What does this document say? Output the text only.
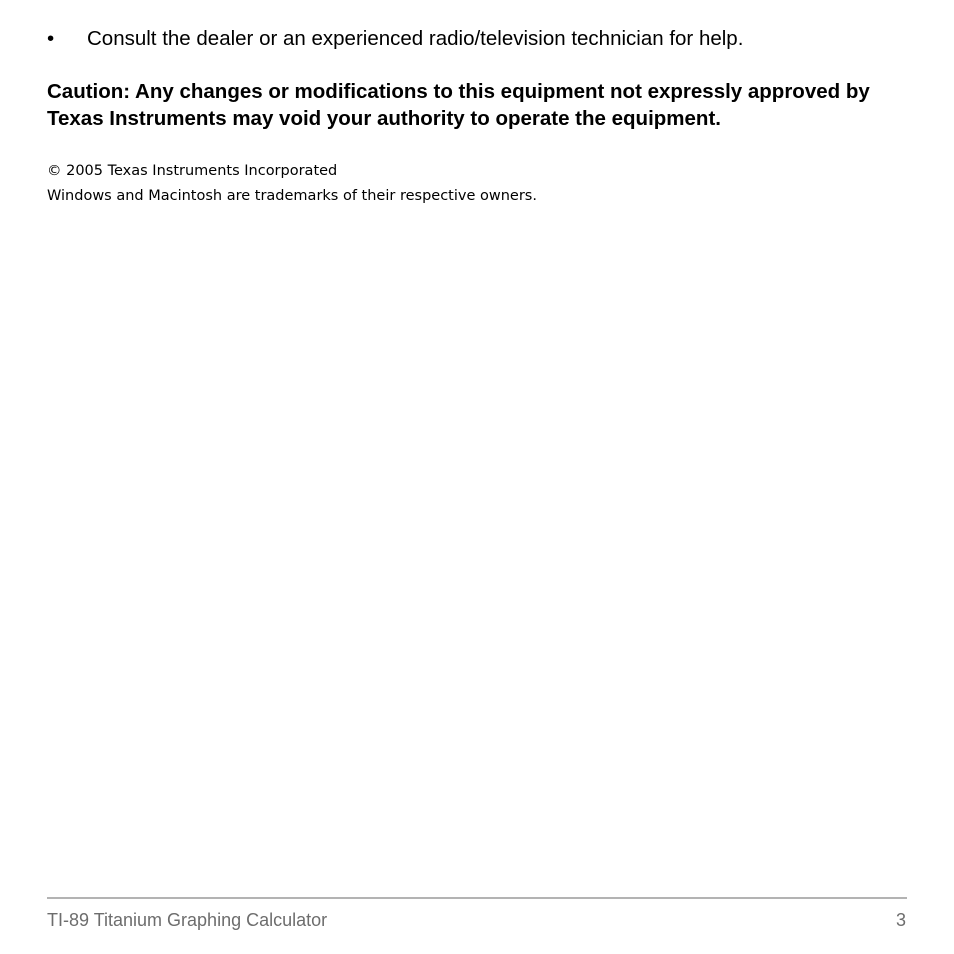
•	Consult the dealer or an experienced radio/television technician for help.

Caution: Any changes or modifications to this equipment not expressly approved by Texas Instruments may void your authority to operate the equipment.

© 2005 Texas Instruments Incorporated
Windows and Macintosh are trademarks of their respective owners.
TI-89 Titanium Graphing Calculator	3
